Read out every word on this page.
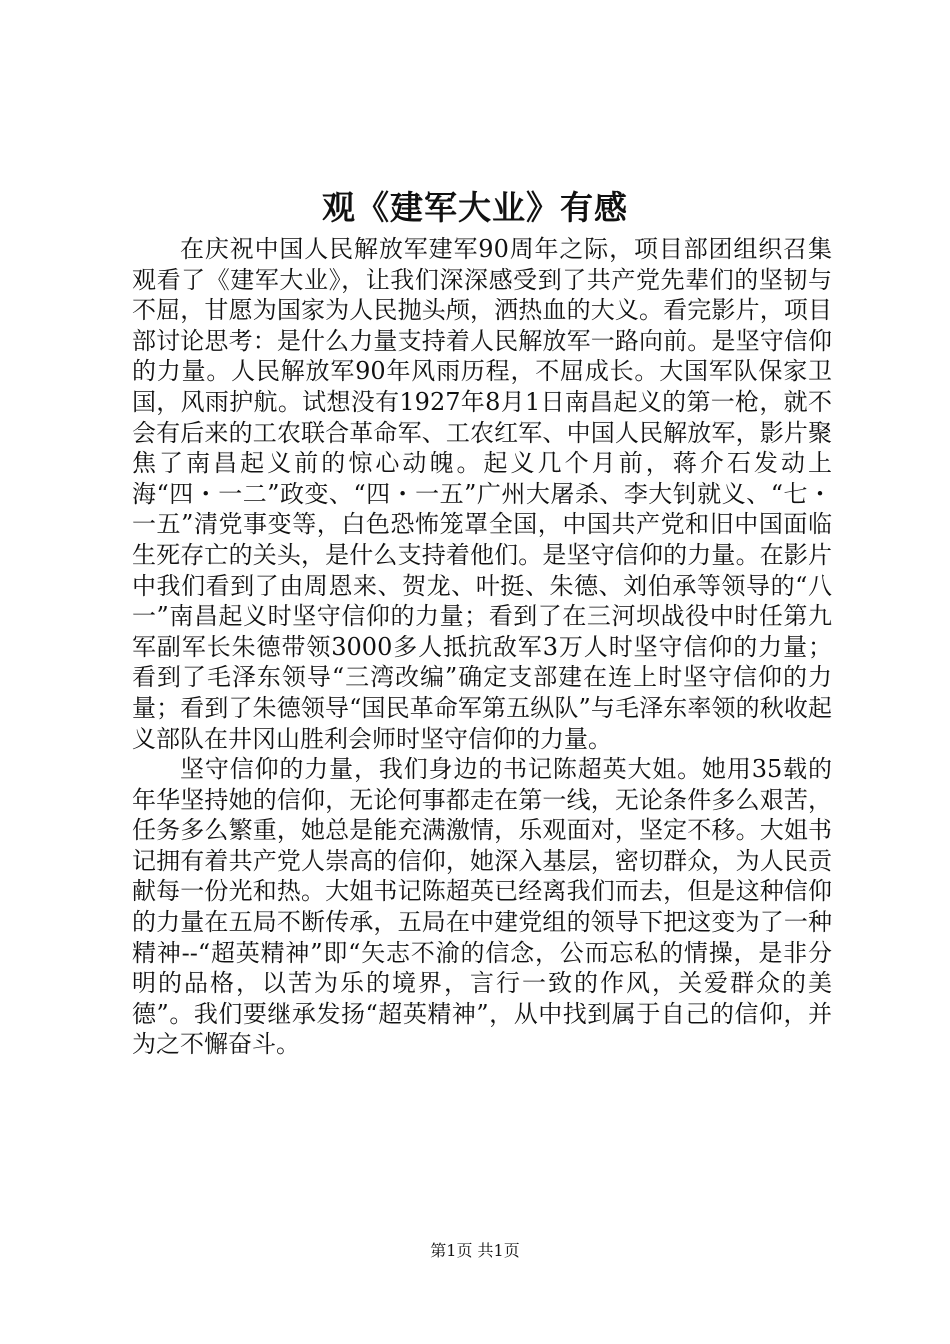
观《建军大业》有感

在庆祝中国人民解放军建军90周年之际，项目部团组织召集观看了《建军大业》，让我们深深感受到了共产党先辈们的坚韧与不屈，甘愿为国家为人民抛头颅，洒热血的大义。看完影片，项目部讨论思考：是什么力量支持着人民解放军一路向前。是坚守信仰的力量。人民解放军90年风雨历程，不屈成长。大国军队保家卫国，风雨护航。试想没有1927年8月1日南昌起义的第一枪，就不会有后来的工农联合革命军、工农红军、中国人民解放军，影片聚焦了南昌起义前的惊心动魄。起义几个月前，蒋介石发动上海“四・一二”政变、“四・一五”广州大屠杀、李大钊就义、“七・一五”清党事变等，白色恐怖笼罩全国，中国共产党和旧中国面临生死存亡的关头，是什么支持着他们。是坚守信仰的力量。在影片中我们看到了由周恩来、贺龙、叶挺、朱德、刘伯承等领导的“八一”南昌起义时坚守信仰的力量；看到了在三河坝战役中时任第九军副军长朱德带领3000多人抵抗敌军3万人时坚守信仰的力量；看到了毛泽东领导“三湾改编”确定支部建在连上时坚守信仰的力量；看到了朱德领导“国民革命军第五纵队”与毛泽东率领的秋收起义部队在井冈山胜利会师时坚守信仰的力量。

坚守信仰的力量，我们身边的书记陈超英大姐。她用35载的年华坚持她的信仰，无论何事都走在第一线，无论条件多么艰苦，任务多么繁重，她总是能充满激情，乐观面对，坚定不移。大姐书记拥有着共产党人崇高的信仰，她深入基层，密切群众，为人民贡献每一份光和热。大姐书记陈超英已经离我们而去，但是这种信仰的力量在五局不断传承，五局在中建党组的领导下把这变为了一种精神--“超英精神”即“矢志不渝的信念，公而忘私的情操，是非分明的品格，以苦为乐的境界，言行一致的作风，关爱群众的美德”。我们要继承发扬“超英精神”，从中找到属于自己的信仰，并为之不懈奋斗。

第1页 共1页
